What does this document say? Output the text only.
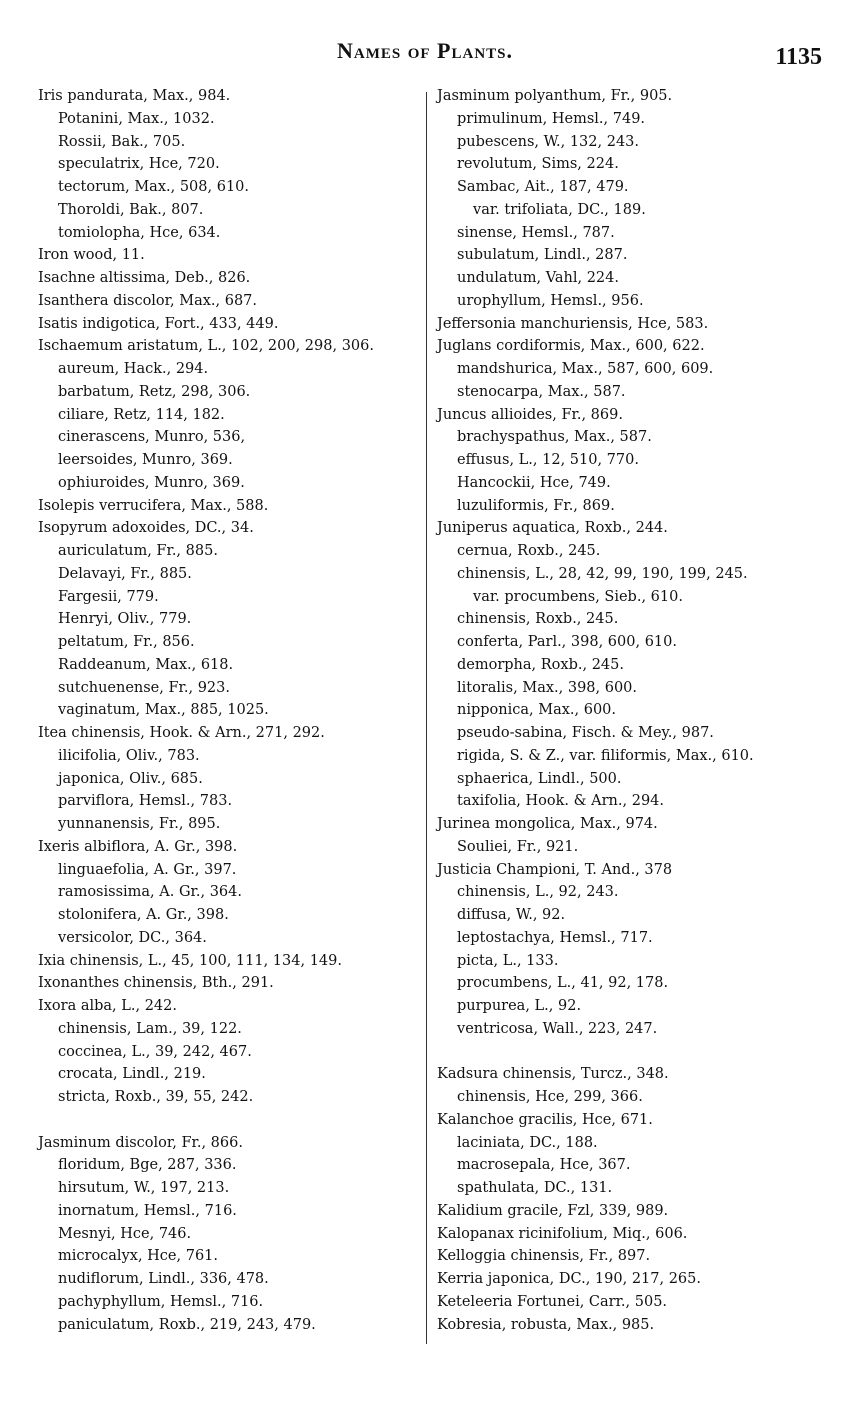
Names of Plants.	1135
Iris pandurata, Max., 984.
Potanini, Max., 1032.
Rossii, Bak., 705.
speculatrix, Hce, 720.
tectorum, Max., 508, 610.
Thoroldi, Bak., 807.
tomiolopha, Hce, 634.
Iron wood, 11.
Isachne altissima, Deb., 826.
Isanthera discolor, Max., 687.
Isatis indigotica, Fort., 433, 449.
Ischaemum aristatum, L., 102, 200, 298, 306.
aureum, Hack., 294.
barbatum, Retz, 298, 306.
ciliare, Retz, 114, 182.
cinerascens, Munro, 536,
leersoides, Munro, 369.
ophiuroides, Munro, 369.
Isolepis verrucifera, Max., 588.
Isopyrum adoxoides, DC., 34.
auriculatum, Fr., 885.
Delavayi, Fr., 885.
Fargesii, 779.
Henryi, Oliv., 779.
peltatum, Fr., 856.
Raddeanum, Max., 618.
sutchuenense, Fr., 923.
vaginatum, Max., 885, 1025.
Itea chinensis, Hook. & Arn., 271, 292.
ilicifolia, Oliv., 783.
japonica, Oliv., 685.
parviflora, Hemsl., 783.
yunnanensis, Fr., 895.
Ixeris albiflora, A. Gr., 398.
linguaefolia, A. Gr., 397.
ramosissima, A. Gr., 364.
stolonifera, A. Gr., 398.
versicolor, DC., 364.
Ixia chinensis, L., 45, 100, 111, 134, 149.
Ixonanthes chinensis, Bth., 291.
Ixora alba, L., 242.
chinensis, Lam., 39, 122.
coccinea, L., 39, 242, 467.
crocata, Lindl., 219.
stricta, Roxb., 39, 55, 242.
Jasminum discolor, Fr., 866.
floridum, Bge, 287, 336.
hirsutum, W., 197, 213.
inornatum, Hemsl., 716.
Mesnyi, Hce, 746.
microcalyx, Hce, 761.
nudiflorum, Lindl., 336, 478.
pachyphyllum, Hemsl., 716.
paniculatum, Roxb., 219, 243, 479.
Jasminum polyanthum, Fr., 905.
primulinum, Hemsl., 749.
pubescens, W., 132, 243.
revolutum, Sims, 224.
Sambac, Ait., 187, 479.
var. trifoliata, DC., 189.
sinense, Hemsl., 787.
subulatum, Lindl., 287.
undulatum, Vahl, 224.
urophyllum, Hemsl., 956.
Jeffersonia manchuriensis, Hce, 583.
Juglans cordiformis, Max., 600, 622.
mandshurica, Max., 587, 600, 609.
stenocarpa, Max., 587.
Juncus allioides, Fr., 869.
brachyspathus, Max., 587.
effusus, L., 12, 510, 770.
Hancockii, Hce, 749.
luzuliformis, Fr., 869.
Juniperus aquatica, Roxb., 244.
cernua, Roxb., 245.
chinensis, L., 28, 42, 99, 190, 199, 245.
var. procumbens, Sieb., 610.
chinensis, Roxb., 245.
conferta, Parl., 398, 600, 610.
demorpha, Roxb., 245.
litoralis, Max., 398, 600.
nipponica, Max., 600.
pseudo-sabina, Fisch. & Mey., 987.
rigida, S. & Z., var. filiformis, Max., 610.
sphaerica, Lindl., 500.
taxifolia, Hook. & Arn., 294.
Jurinea mongolica, Max., 974.
Souliei, Fr., 921.
Justicia Championi, T. And., 378
chinensis, L., 92, 243.
diffusa, W., 92.
leptostachya, Hemsl., 717.
picta, L., 133.
procumbens, L., 41, 92, 178.
purpurea, L., 92.
ventricosa, Wall., 223, 247.
Kadsura chinensis, Turcz., 348.
chinensis, Hce, 299, 366.
Kalanchoe gracilis, Hce, 671.
laciniata, DC., 188.
macrosepala, Hce, 367.
spathulata, DC., 131.
Kalidium gracile, Fzl, 339, 989.
Kalopanax ricinifolium, Miq., 606.
Kelloggia chinensis, Fr., 897.
Kerria japonica, DC., 190, 217, 265.
Keteleeria Fortunei, Carr., 505.
Kobresia, robusta, Max., 985.
